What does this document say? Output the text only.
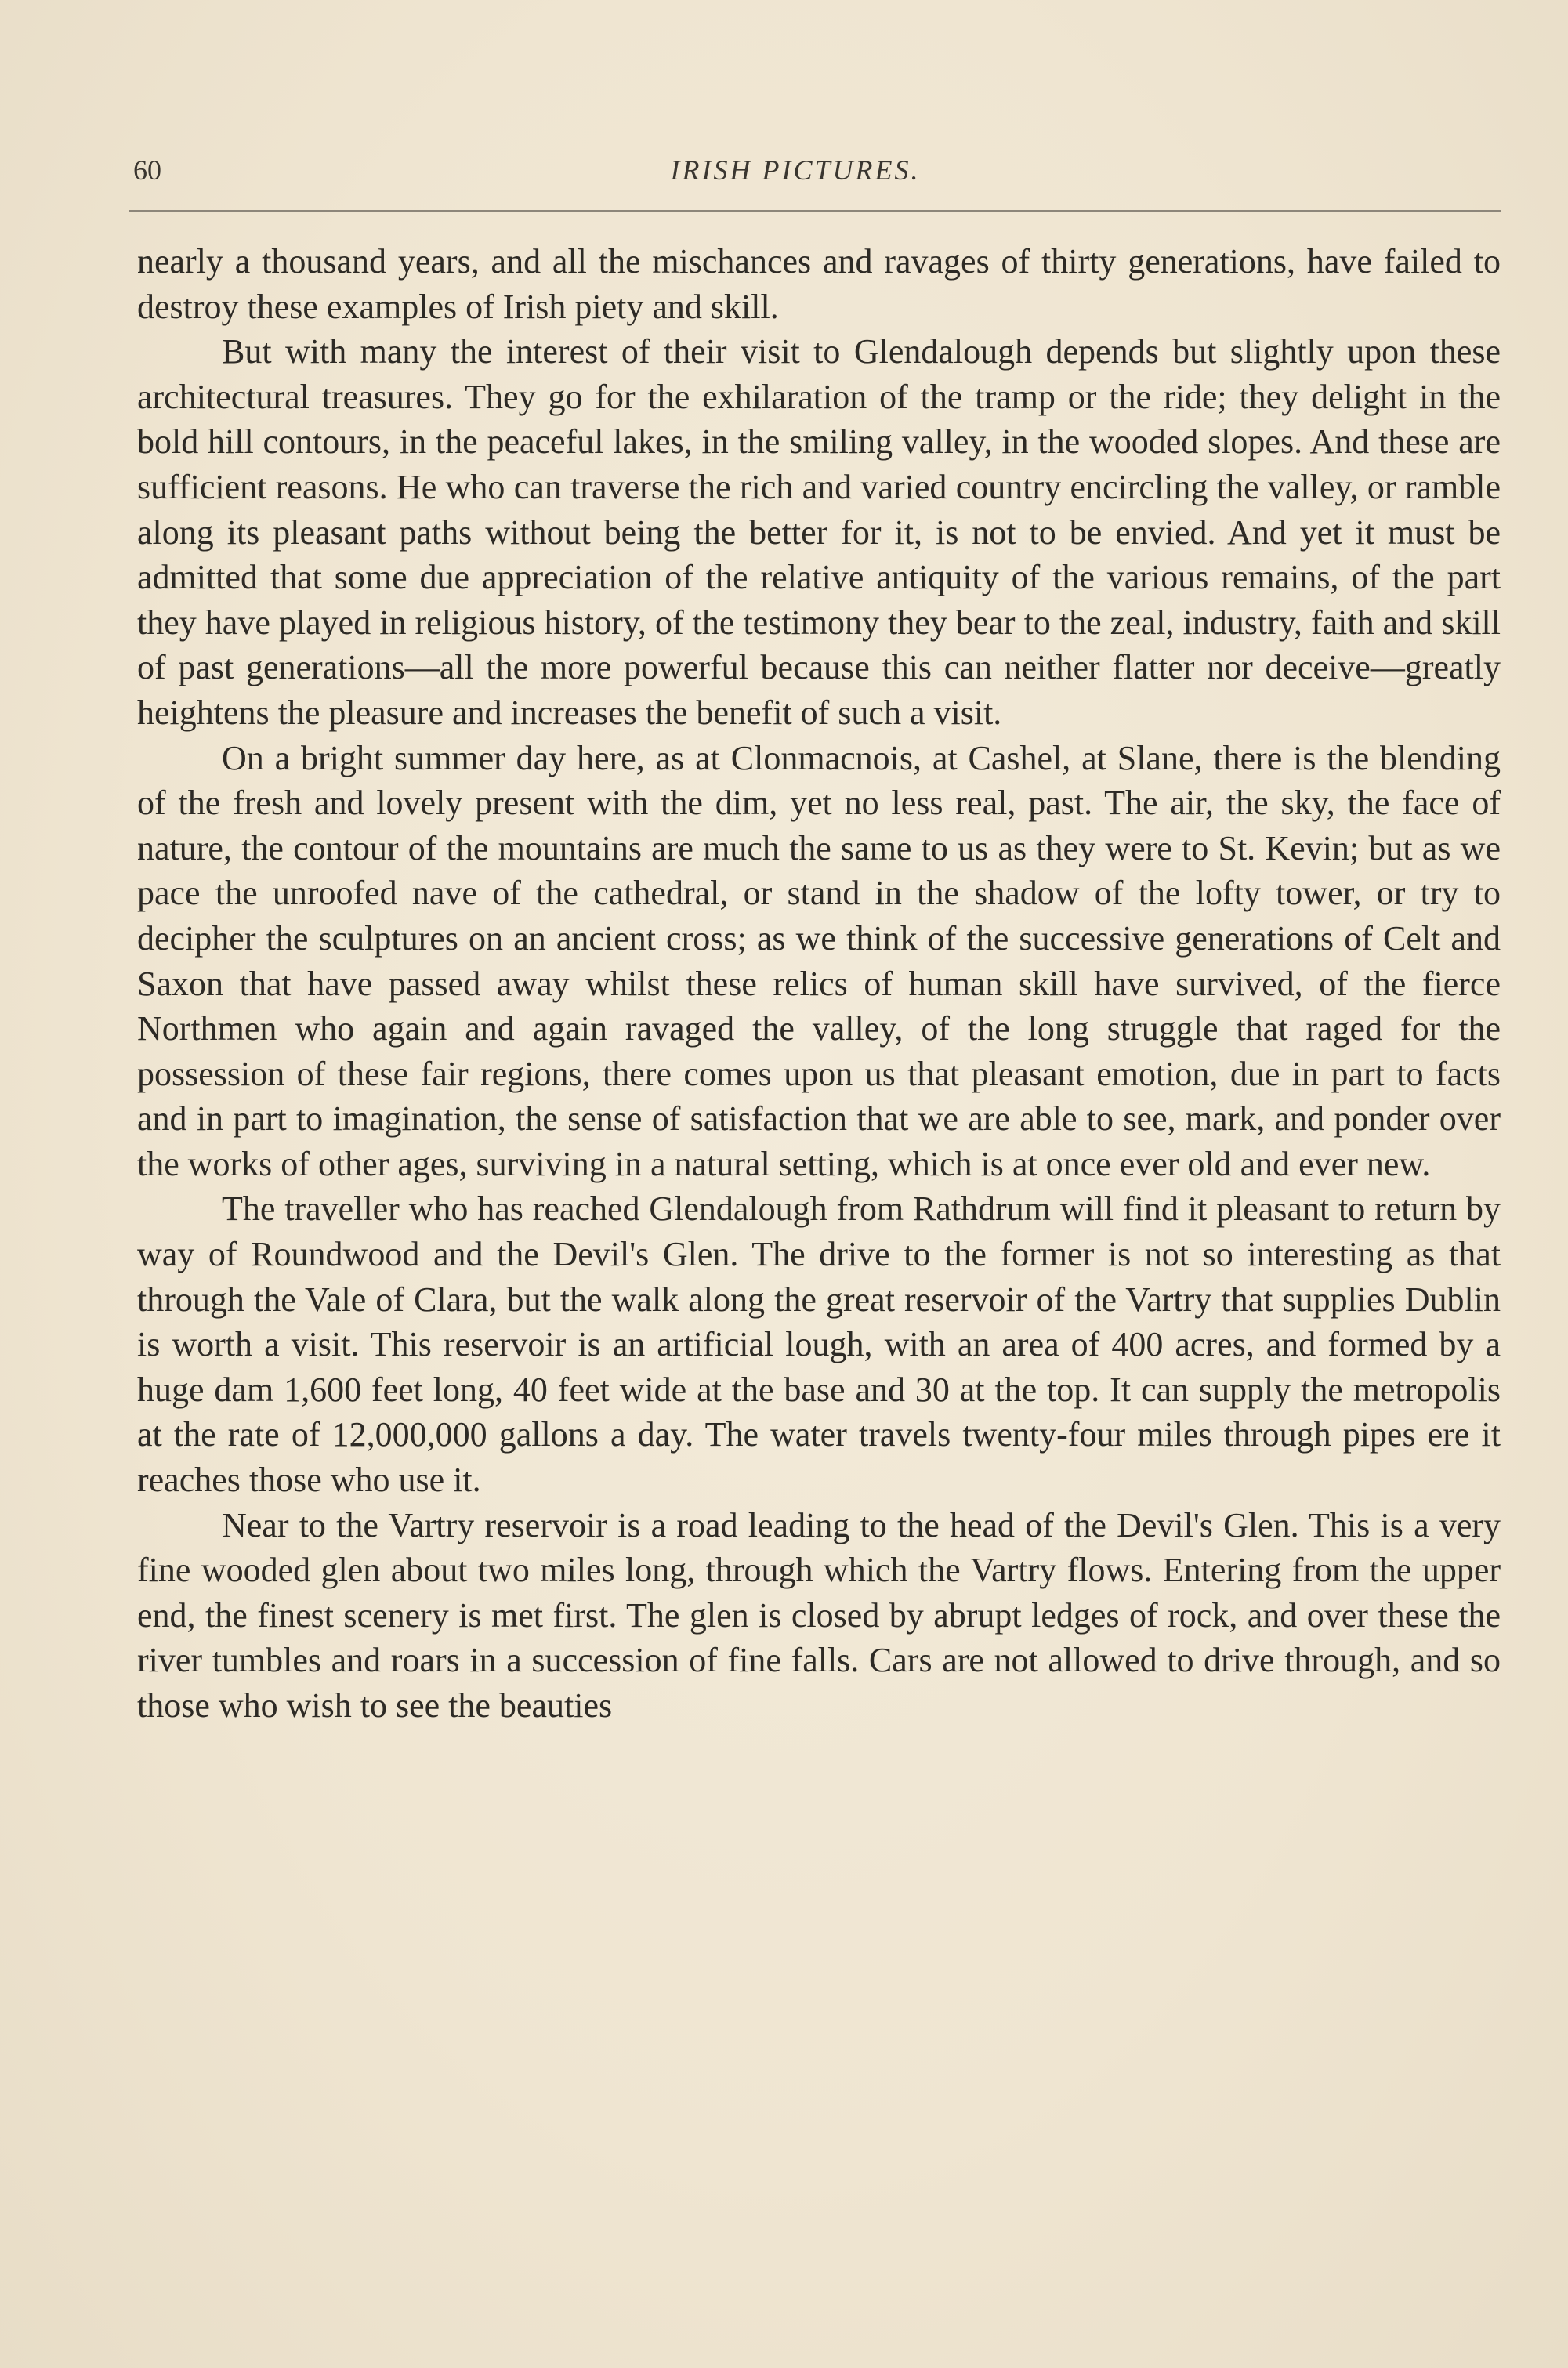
60	IRISH PICTURES.

nearly a thousand years, and all the mischances and ravages of thirty generations, have failed to destroy these examples of Irish piety and skill.

But with many the interest of their visit to Glendalough depends but slightly upon these architectural treasures. They go for the exhilaration of the tramp or the ride; they delight in the bold hill contours, in the peaceful lakes, in the smiling valley, in the wooded slopes. And these are sufficient reasons. He who can traverse the rich and varied country encircling the valley, or ramble along its pleasant paths without being the better for it, is not to be envied. And yet it must be admitted that some due appreciation of the relative antiquity of the various remains, of the part they have played in religious history, of the testimony they bear to the zeal, industry, faith and skill of past generations—all the more powerful because this can neither flatter nor deceive—greatly heightens the pleasure and increases the benefit of such a visit.

On a bright summer day here, as at Clonmacnois, at Cashel, at Slane, there is the blending of the fresh and lovely present with the dim, yet no less real, past. The air, the sky, the face of nature, the contour of the mountains are much the same to us as they were to St. Kevin; but as we pace the unroofed nave of the cathedral, or stand in the shadow of the lofty tower, or try to decipher the sculptures on an ancient cross; as we think of the successive generations of Celt and Saxon that have passed away whilst these relics of human skill have survived, of the fierce Northmen who again and again ravaged the valley, of the long struggle that raged for the possession of these fair regions, there comes upon us that pleasant emotion, due in part to facts and in part to imagination, the sense of satisfaction that we are able to see, mark, and ponder over the works of other ages, surviving in a natural setting, which is at once ever old and ever new.

The traveller who has reached Glendalough from Rathdrum will find it pleasant to return by way of Roundwood and the Devil's Glen. The drive to the former is not so interesting as that through the Vale of Clara, but the walk along the great reservoir of the Vartry that supplies Dublin is worth a visit. This reservoir is an artificial lough, with an area of 400 acres, and formed by a huge dam 1,600 feet long, 40 feet wide at the base and 30 at the top. It can supply the metropolis at the rate of 12,000,000 gallons a day. The water travels twenty-four miles through pipes ere it reaches those who use it.

Near to the Vartry reservoir is a road leading to the head of the Devil's Glen. This is a very fine wooded glen about two miles long, through which the Vartry flows. Entering from the upper end, the finest scenery is met first. The glen is closed by abrupt ledges of rock, and over these the river tumbles and roars in a succession of fine falls. Cars are not allowed to drive through, and so those who wish to see the beauties
